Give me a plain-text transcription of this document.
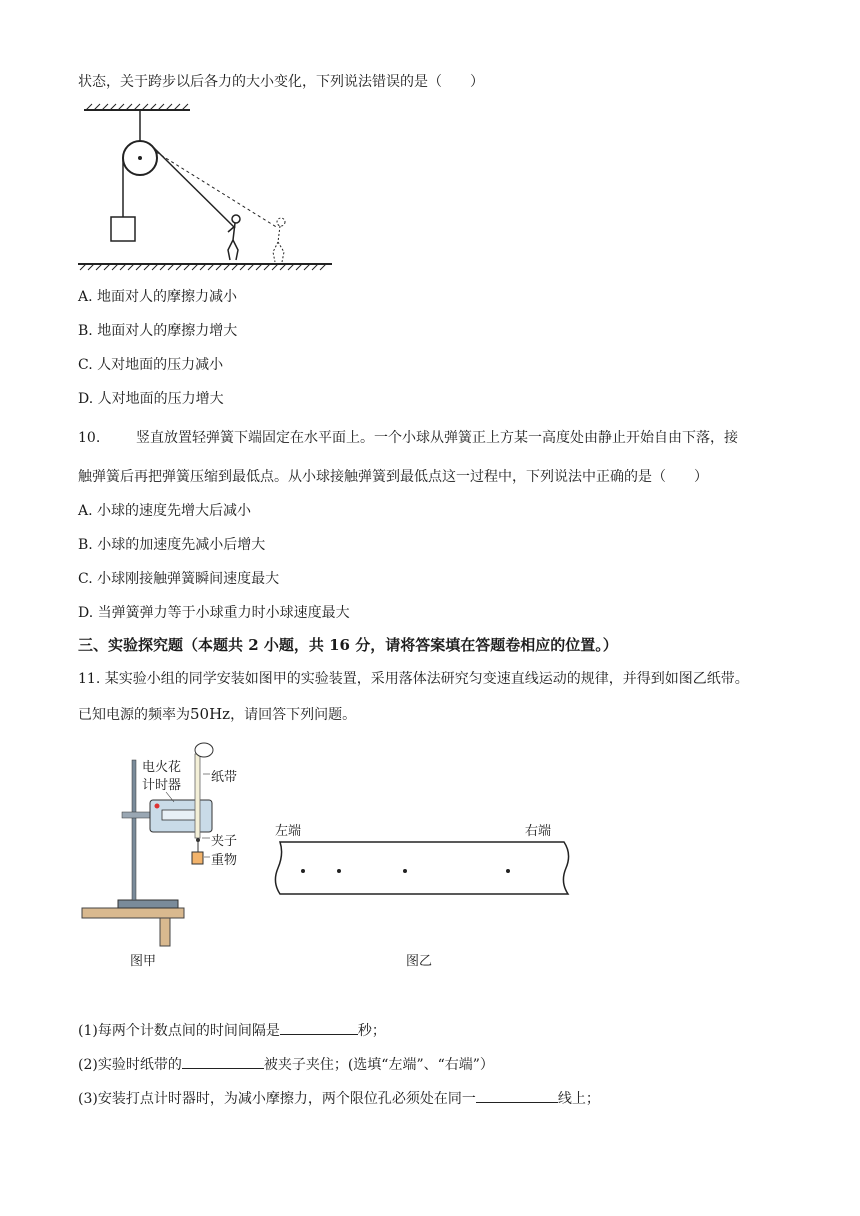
状态，关于跨步以后各力的大小变化，下列说法错误的是（　　）
A. 地面对人的摩擦力减小
B. 地面对人的摩擦力增大
C. 人对地面的压力减小
D. 人对地面的压力增大
10.	竖直放置轻弹簧下端固定在水平面上。一个小球从弹簧正上方某一高度处由静止开始自由下落，接
触弹簧后再把弹簧压缩到最低点。从小球接触弹簧到最低点这一过程中，下列说法中正确的是（　　）
A. 小球的速度先增大后减小
B. 小球的加速度先减小后增大
C. 小球刚接触弹簧瞬间速度最大
D. 当弹簧弹力等于小球重力时小球速度最大
三、实验探究题（本题共 2 小题，共 16 分，请将答案填在答题卷相应的位置。）
11. 某实验小组的同学安装如图甲的实验装置，采用落体法研究匀变速直线运动的规律，并得到如图乙纸带。
已知电源的频率为50Hz，请回答下列问题。
电火花
计时器
纸带
夹子
重物
图甲
左端	右端
图乙
(1)每两个计数点间的时间间隔是	秒；
(2)实验时纸带的	被夹子夹住；(选填“左端”、“右端”）
(3)安装打点计时器时，为减小摩擦力，两个限位孔必须处在同一	线上；
